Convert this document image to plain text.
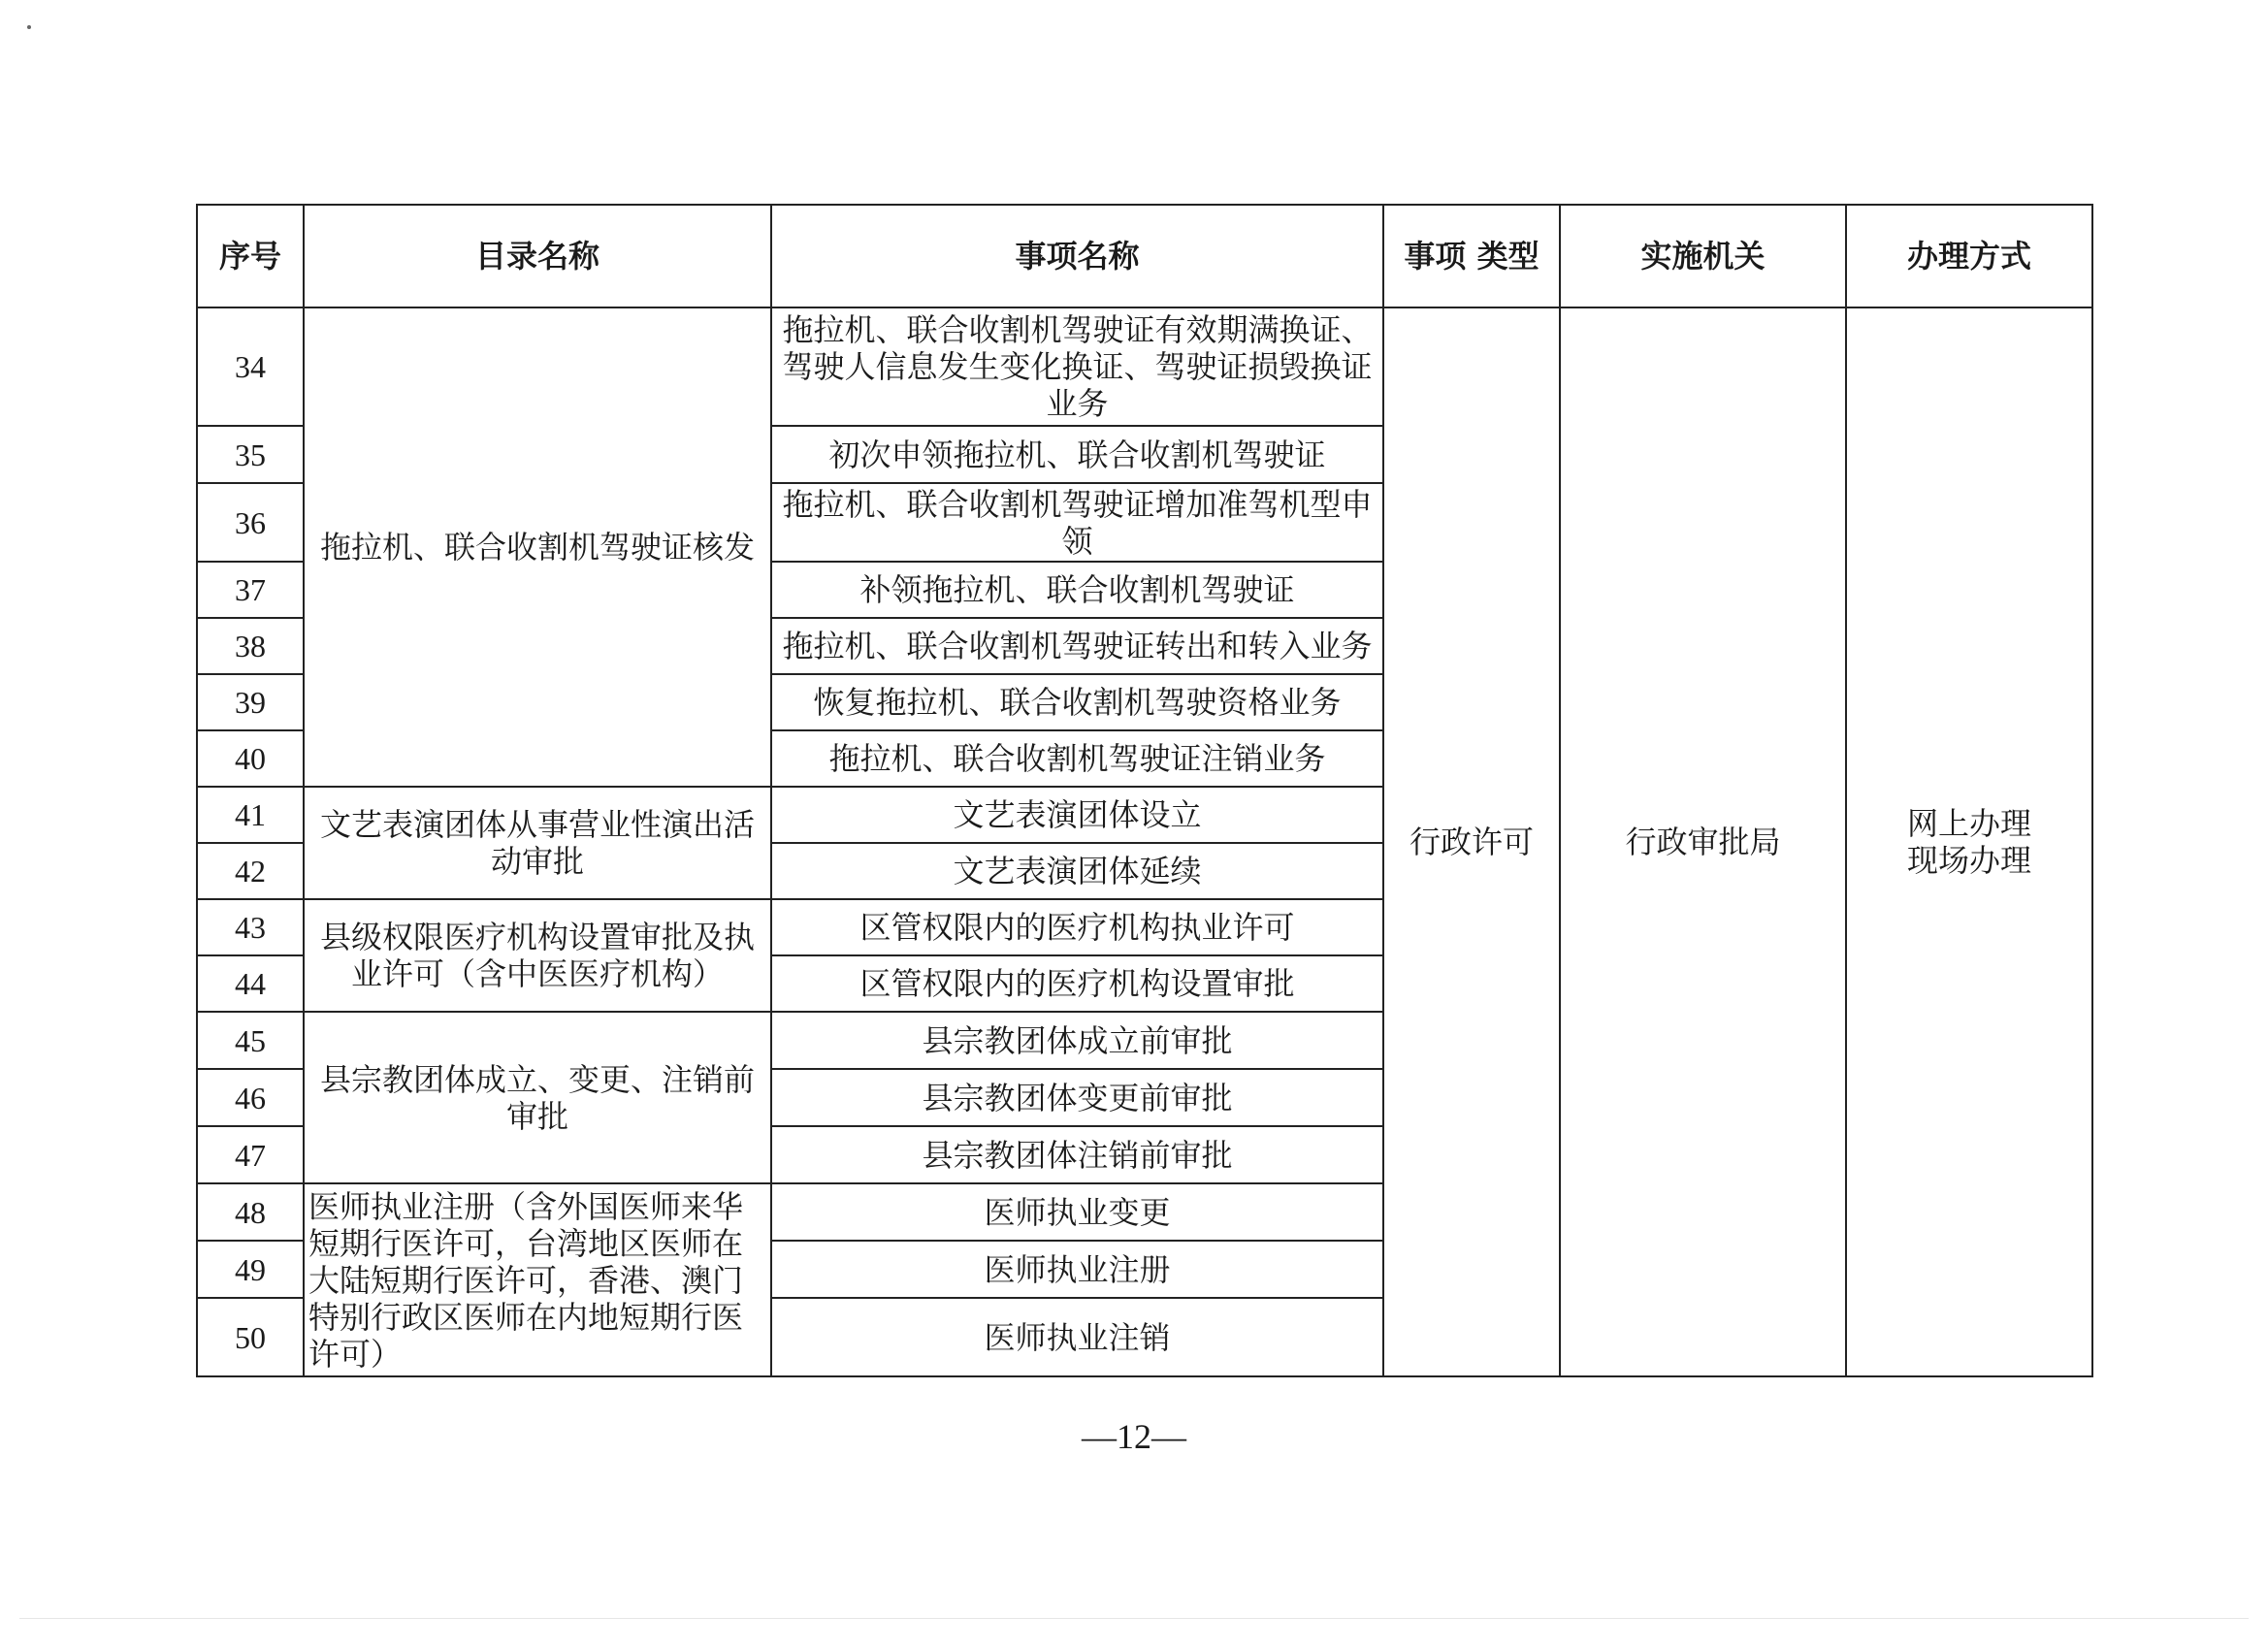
序号	目录名称	事项名称	事项 类型	实施机关	办理方式
34	拖拉机、联合收割机驾驶证核发	拖拉机、联合收割机驾驶证有效期满换证、驾驶人信息发生变化换证、驾驶证损毁换证业务	行政许可	行政审批局	网上办理
现场办理

35		初次申领拖拉机、联合收割机驾驶证			
36		拖拉机、联合收割机驾驶证增加准驾机型申领			
37		补领拖拉机、联合收割机驾驶证			
38		拖拉机、联合收割机驾驶证转出和转入业务			
39		恢复拖拉机、联合收割机驾驶资格业务			
40		拖拉机、联合收割机驾驶证注销业务			
41	文艺表演团体从事营业性演出活动审批	文艺表演团体设立			
42		文艺表演团体延续			
43	县级权限医疗机构设置审批及执业许可（含中医医疗机构）	区管权限内的医疗机构执业许可			
44		区管权限内的医疗机构设置审批			
45	县宗教团体成立、变更、注销前审批	县宗教团体成立前审批			
46		县宗教团体变更前审批			
47		县宗教团体注销前审批			
48	医师执业注册（含外国医师来华短期行医许可，台湾地区医师在大陆短期行医许可，香港、澳门特别行政区医师在内地短期行医许可）	医师执业变更			
49		医师执业注册			
50		医师执业注销			
—12—
